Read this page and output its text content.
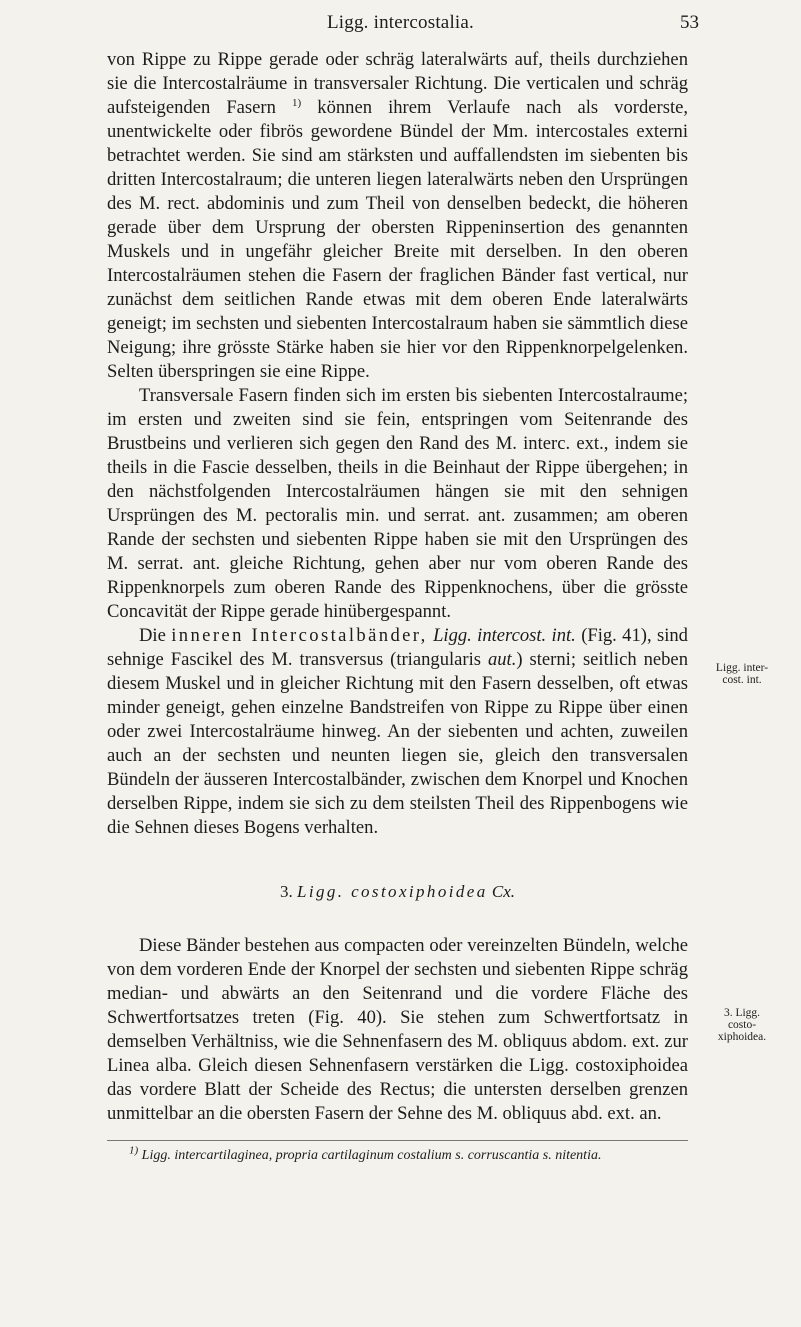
Ligg. intercostalia.	53

von Rippe zu Rippe gerade oder schräg lateralwärts auf, theils durchziehen sie die Intercostalräume in transversaler Richtung. Die verticalen und schräg aufsteigenden Fasern $^{1)}$ können ihrem Verlaufe nach als vorderste, unentwickelte oder fibrös gewordene Bündel der Mm. intercostales externi betrachtet werden. Sie sind am stärksten und auffallendsten im siebenten bis dritten Intercostalraum; die unteren liegen lateralwärts neben den Ursprüngen des M. rect. abdominis und zum Theil von denselben bedeckt, die höheren gerade über dem Ursprung der obersten Rippeninsertion des genannten Muskels und in ungefähr gleicher Breite mit derselben. In den oberen Intercostalräumen stehen die Fasern der fraglichen Bänder fast vertical, nur zunächst dem seitlichen Rande etwas mit dem oberen Ende lateralwärts geneigt; im sechsten und siebenten Intercostalraum haben sie sämmtlich diese Neigung; ihre grösste Stärke haben sie hier vor den Rippenknorpelgelenken. Selten überspringen sie eine Rippe.

Transversale Fasern finden sich im ersten bis siebenten Intercostalraume; im ersten und zweiten sind sie fein, entspringen vom Seitenrande des Brustbeins und verlieren sich gegen den Rand des M. interc. ext., indem sie theils in die Fascie desselben, theils in die Beinhaut der Rippe übergehen; in den nächstfolgenden Intercostalräumen hängen sie mit den sehnigen Ursprüngen des M. pectoralis min. und serrat. ant. zusammen; am oberen Rande der sechsten und siebenten Rippe haben sie mit den Ursprüngen des M. serrat. ant. gleiche Richtung, gehen aber nur vom oberen Rande des Rippenknorpels zum oberen Rande des Rippenknochens, über die grösste Concavität der Rippe gerade hinübergespannt.

Die inneren Intercostalbänder, Ligg. intercost. int. (Fig. 41), sind sehnige Fascikel des M. transversus (triangularis aut.) sterni; seitlich neben diesem Muskel und in gleicher Richtung mit den Fasern desselben, oft etwas minder geneigt, gehen einzelne Bandstreifen von Rippe zu Rippe über einen oder zwei Intercostalräume hinweg. An der siebenten und achten, zuweilen auch an der sechsten und neunten liegen sie, gleich den transversalen Bündeln der äusseren Intercostalbänder, zwischen dem Knorpel und Knochen derselben Rippe, indem sie sich zu dem steilsten Theil des Rippenbogens wie die Sehnen dieses Bogens verhalten.

3. Ligg. costoxiphoidea Cx.

Diese Bänder bestehen aus compacten oder vereinzelten Bündeln, welche von dem vorderen Ende der Knorpel der sechsten und siebenten Rippe schräg median- und abwärts an den Seitenrand und die vordere Fläche des Schwertfortsatzes treten (Fig. 40). Sie stehen zum Schwertfortsatz in demselben Verhältniss, wie die Sehnenfasern des M. obliquus abdom. ext. zur Linea alba. Gleich diesen Sehnenfasern verstärken die Ligg. costoxiphoidea das vordere Blatt der Scheide des Rectus; die untersten derselben grenzen unmittelbar an die obersten Fasern der Sehne des M. obliquus abd. ext. an.

$^{1)}$ Ligg. intercartilaginea, propria cartilaginum costalium s. corruscantia s. nitentia.

Ligg. inter-
cost. int.
3. Ligg.
costo-
xiphoidea.
